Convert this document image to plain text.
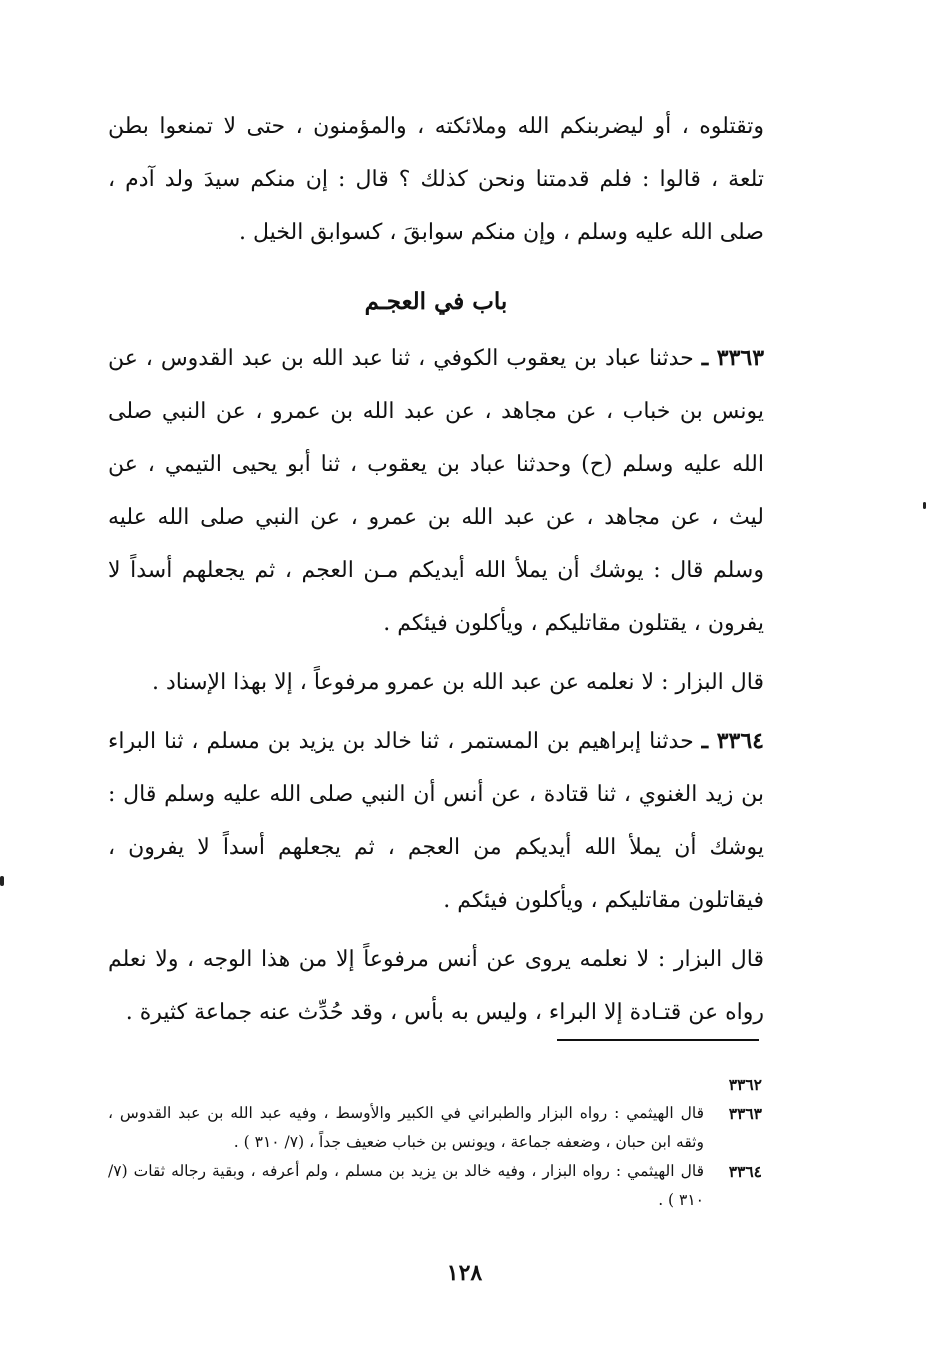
وتقتلوه ، أو ليضربنكم الله وملائكته ، والمؤمنون ، حتى لا تمنعوا بطن تلعة ، قالوا : فلم قدمتنا ونحن كذلك ؟ قال : إن منكم سيدَ ولد آدم ، صلى الله عليه وسلم ، وإن منكم سوابقَ ، كسوابق الخيل .

باب في العجـم

٣٣٦٣ ـ حدثنا عباد بن يعقوب الكوفي ، ثنا عبد الله بن عبد القدوس ، عن يونس بن خباب ، عن مجاهد ، عن عبد الله بن عمرو ، عن النبي صلى الله عليه وسلم (ح) وحدثنا عباد بن يعقوب ، ثنا أبو يحيى التيمي ، عن ليث ، عن مجاهد ، عن عبد الله بن عمرو ، عن النبي صلى الله عليه وسلم قال : يوشك أن يملأ الله أيديكم مـن العجم ، ثم يجعلهم أسداً لا يفرون ، يقتلون مقاتليكم ، ويأكلون فيئكم .

قال البزار : لا نعلمه عن عبد الله بن عمرو مرفوعاً ، إلا بهذا الإسناد .

٣٣٦٤ ـ حدثنا إبراهيم بن المستمر ، ثنا خالد بن يزيد بن مسلم ، ثنا البراء بن زيد الغنوي ، ثنا قتادة ، عن أنس أن النبي صلى الله عليه وسلم قال : يوشك أن يملأ الله أيديكم من العجم ، ثم يجعلهم أسداً لا يفرون ، فيقاتلون مقاتليكم ، ويأكلون فيئكم .

قال البزار : لا نعلمه يروى عن أنس مرفوعاً إلا من هذا الوجه ، ولا نعلم رواه عن قتـادة إلا البراء ، وليس به بأس ، وقد حُدِّث عنه جماعة كثيرة .

٣٣٦٢
٣٣٦٣
قال الهيثمي : رواه البزار والطبراني في الكبير والأوسط ، وفيه عبد الله بن عبد القدوس ، وثقه ابن حبان ، وضعفه جماعة ، ويونس بن خباب ضعيف جداً ، (٧/ ٣١٠ ) .
٣٣٦٤
قال الهيثمي : رواه البزار ، وفيه خالد بن يزيد بن مسلم ، ولم أعرفه ، وبقية رجاله ثقات (٧/ ٣١٠ ) .
١٢٨
